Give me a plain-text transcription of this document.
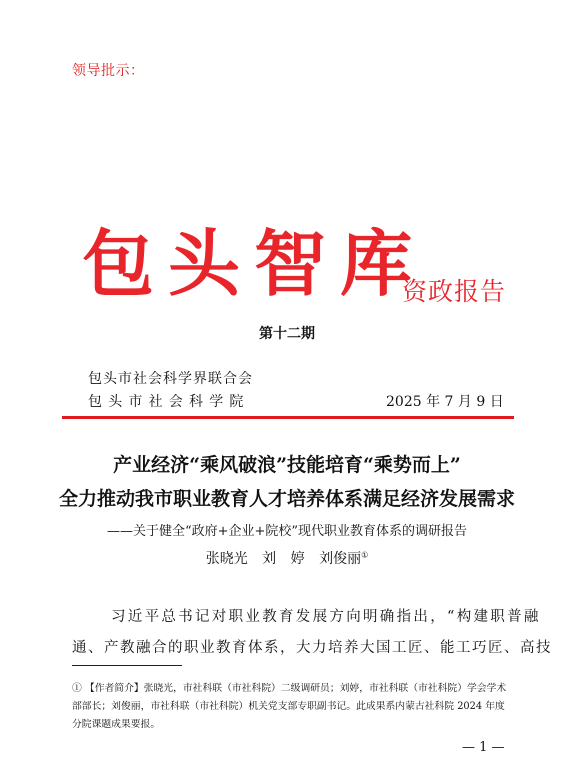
领导批示：
包头智库
资政报告
第十二期
包头市社会科学界联合会
包头市社会科学院	2025 年 7 月 9 日
产业经济“乘风破浪”技能培育“乘势而上”
全力推动我市职业教育人才培养体系满足经济发展需求
——关于健全“政府+企业+院校”现代职业教育体系的调研报告
张晓光 刘 婷 刘俊丽①
习近平总书记对职业教育发展方向明确指出，“构建职普融
通、产教融合的职业教育体系，大力培养大国工匠、能工巧匠、高技
① 【作者简介】张晓光，市社科联（市社科院）二级调研员；刘婷，市社科联（市社科院）学会学术部部长；刘俊丽，市社科联（市社科院）机关党支部专职副书记。此成果系内蒙古社科院 2024 年度分院课题成果要报。
— 1 —
